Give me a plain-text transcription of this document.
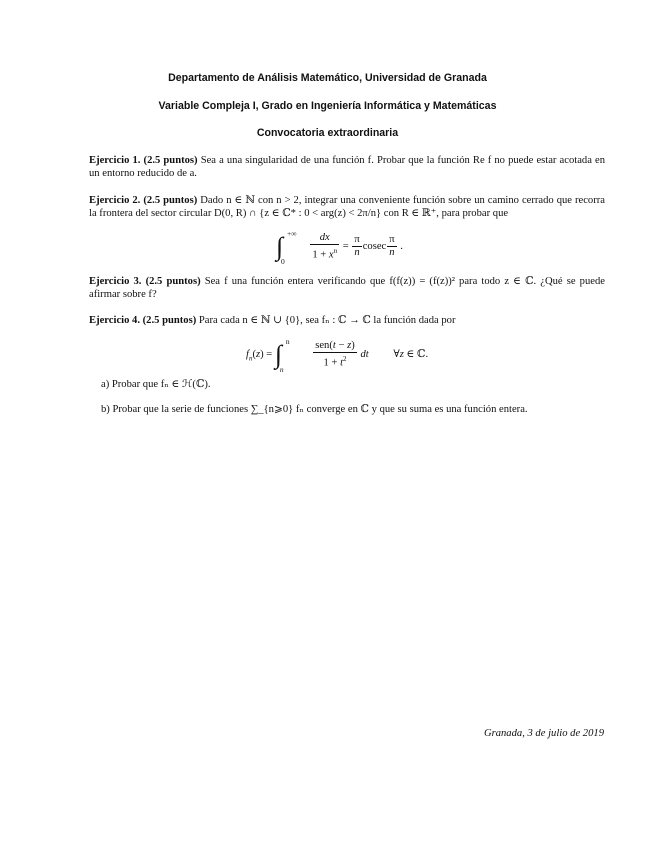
Departamento de Análisis Matemático, Universidad de Granada
Variable Compleja I, Grado en Ingeniería Informática y Matemáticas
Convocatoria extraordinaria
Ejercicio 1. (2.5 puntos) Sea a una singularidad de una función f. Probar que la función Re f no puede estar acotada en un entorno reducido de a.
Ejercicio 2. (2.5 puntos) Dado n ∈ ℕ con n > 2, integrar una conveniente función sobre un camino cerrado que recorra la frontera del sector circular D(0, R) ∩ {z ∈ ℂ* : 0 < arg(z) < 2π/n} con R ∈ ℝ⁺, para probar que
∫ +∞
0
$\frac{dx}{1 + x^n} = \frac{\pi}{n}$ cosec $\frac{\pi}{n}$ .
Ejercicio 3. (2.5 puntos) Sea f una función entera verificando que f(f(z)) = (f(z))² para todo z ∈ ℂ. ¿Qué se puede afirmar sobre f?
Ejercicio 4. (2.5 puntos) Para cada n ∈ ℕ ∪ {0}, sea fₙ : ℂ → ℂ la función dada por
$f_n(z)$ = ∫ n
n
	$\frac{\text{sen(t − z)}}{1 + t^2}$ dt ∀z ∈ ℂ.
a) Probar que fₙ ∈ ℋ(ℂ).
b) Probar que la serie de funciones ∑_{n⩾0} fₙ converge en ℂ y que su suma es una función entera.
Granada, 3 de julio de 2019
